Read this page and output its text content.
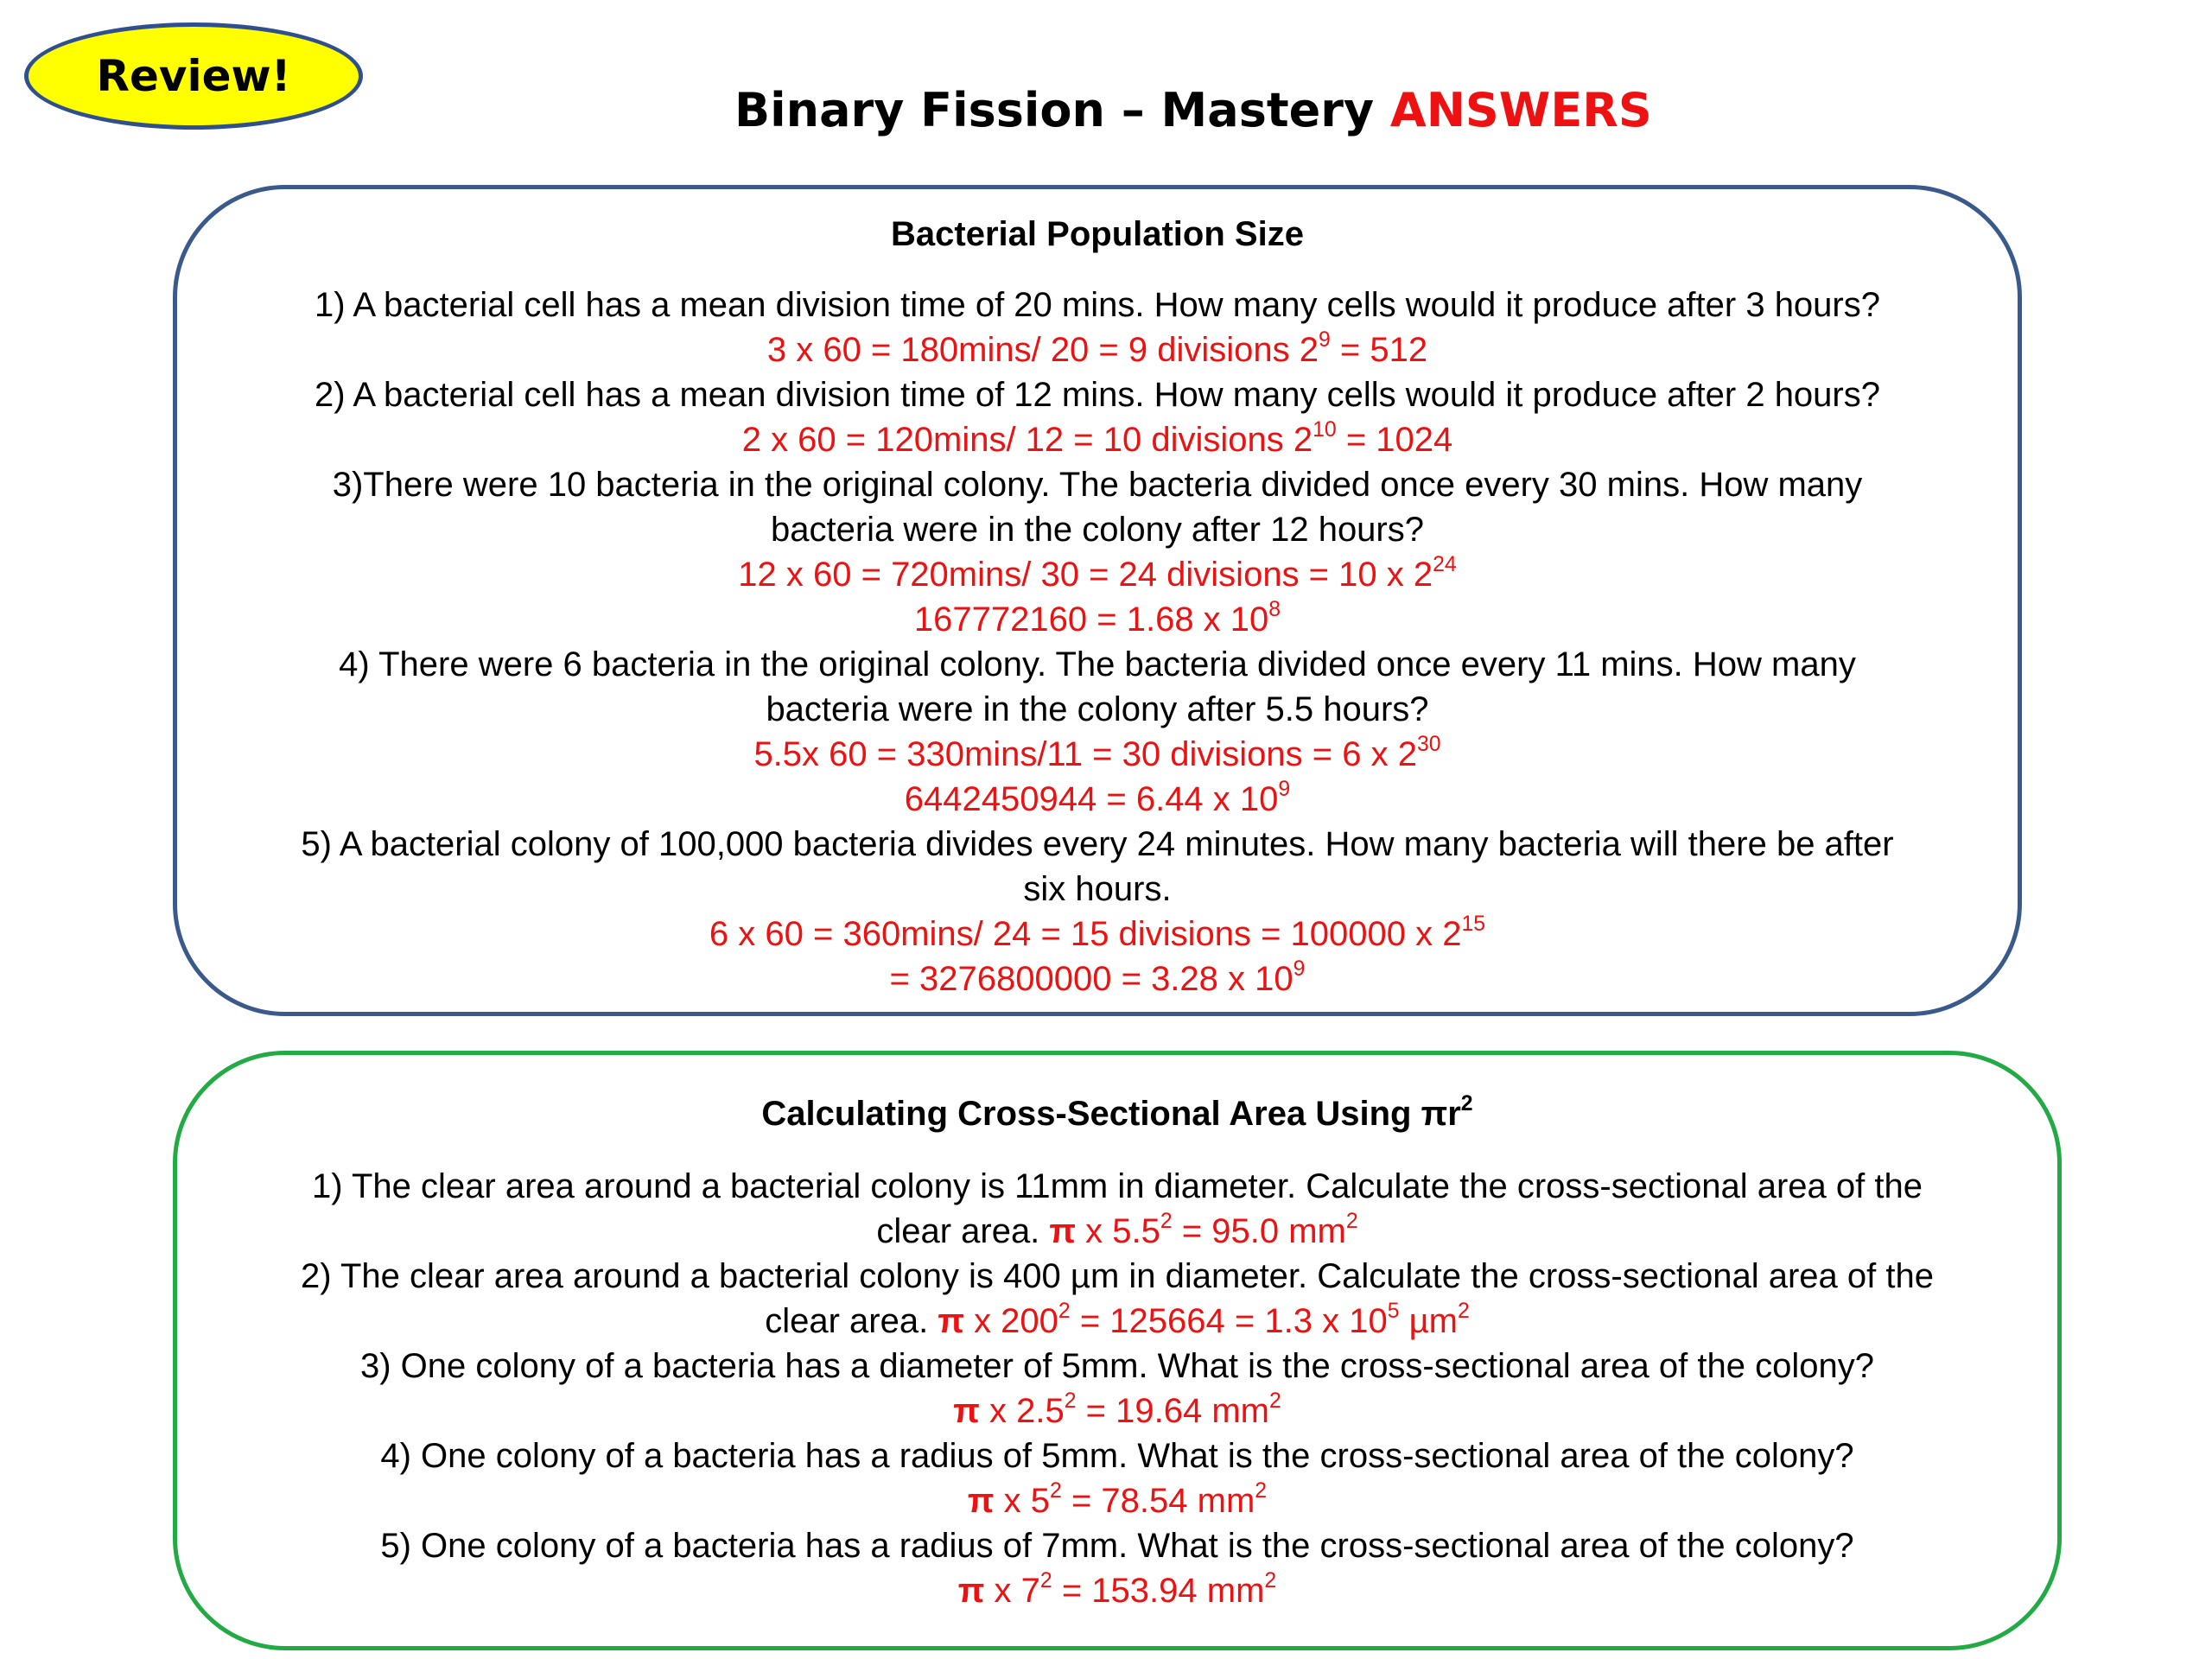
Review!
Binary Fission – Mastery ANSWERS
Bacterial Population Size
1) A bacterial cell has a mean division time of 20 mins. How many cells would it produce after 3 hours?
3 x 60 = 180mins/ 20 = 9 divisions $2^9 = 512$
2) A bacterial cell has a mean division time of 12 mins. How many cells would it produce after 2 hours?
2 x 60 = 120mins/ 12 = 10 divisions $2^{10} = 1024$
3)There were 10 bacteria in the original colony. The bacteria divided once every 30 mins. How many
bacteria were in the colony after 12 hours?
12 x 60 = 720mins/ 30 = 24 divisions = 10 x $2^{24}$
167772160 = 1.68 x $10^8$
4) There were 6 bacteria in the original colony. The bacteria divided once every 11 mins. How many
bacteria were in the colony after 5.5 hours?
5.5x 60 = 330mins/11 = 30 divisions = 6 x $2^{30}$
6442450944 = 6.44 x $10^9$
5) A bacterial colony of 100,000 bacteria divides every 24 minutes. How many bacteria will there be after
six hours.
6 x 60 = 360mins/ 24 = 15 divisions = 100000 x $2^{15}$
= 3276800000 = 3.28 x $10^9$
Calculating Cross-Sectional Area Using $\pi r^2$
1) The clear area around a bacterial colony is 11mm in diameter. Calculate the cross-sectional area of the
clear area. π x $5.5^2 = 95.0$ $mm^2$
2) The clear area around a bacterial colony is 400 µm in diameter. Calculate the cross-sectional area of the
clear area. π x $200^2 = 125664 = 1.3$ x $10^5$ µm$^2$
3) One colony of a bacteria has a diameter of 5mm. What is the cross-sectional area of the colony?
π x $2.5^2 = 19.64$ $mm^2$
4) One colony of a bacteria has a radius of 5mm. What is the cross-sectional area of the colony?
π x $5^2 = 78.54$ $mm^2$
5) One colony of a bacteria has a radius of 7mm. What is the cross-sectional area of the colony?
π x $7^2 = 153.94$ $mm^2$
